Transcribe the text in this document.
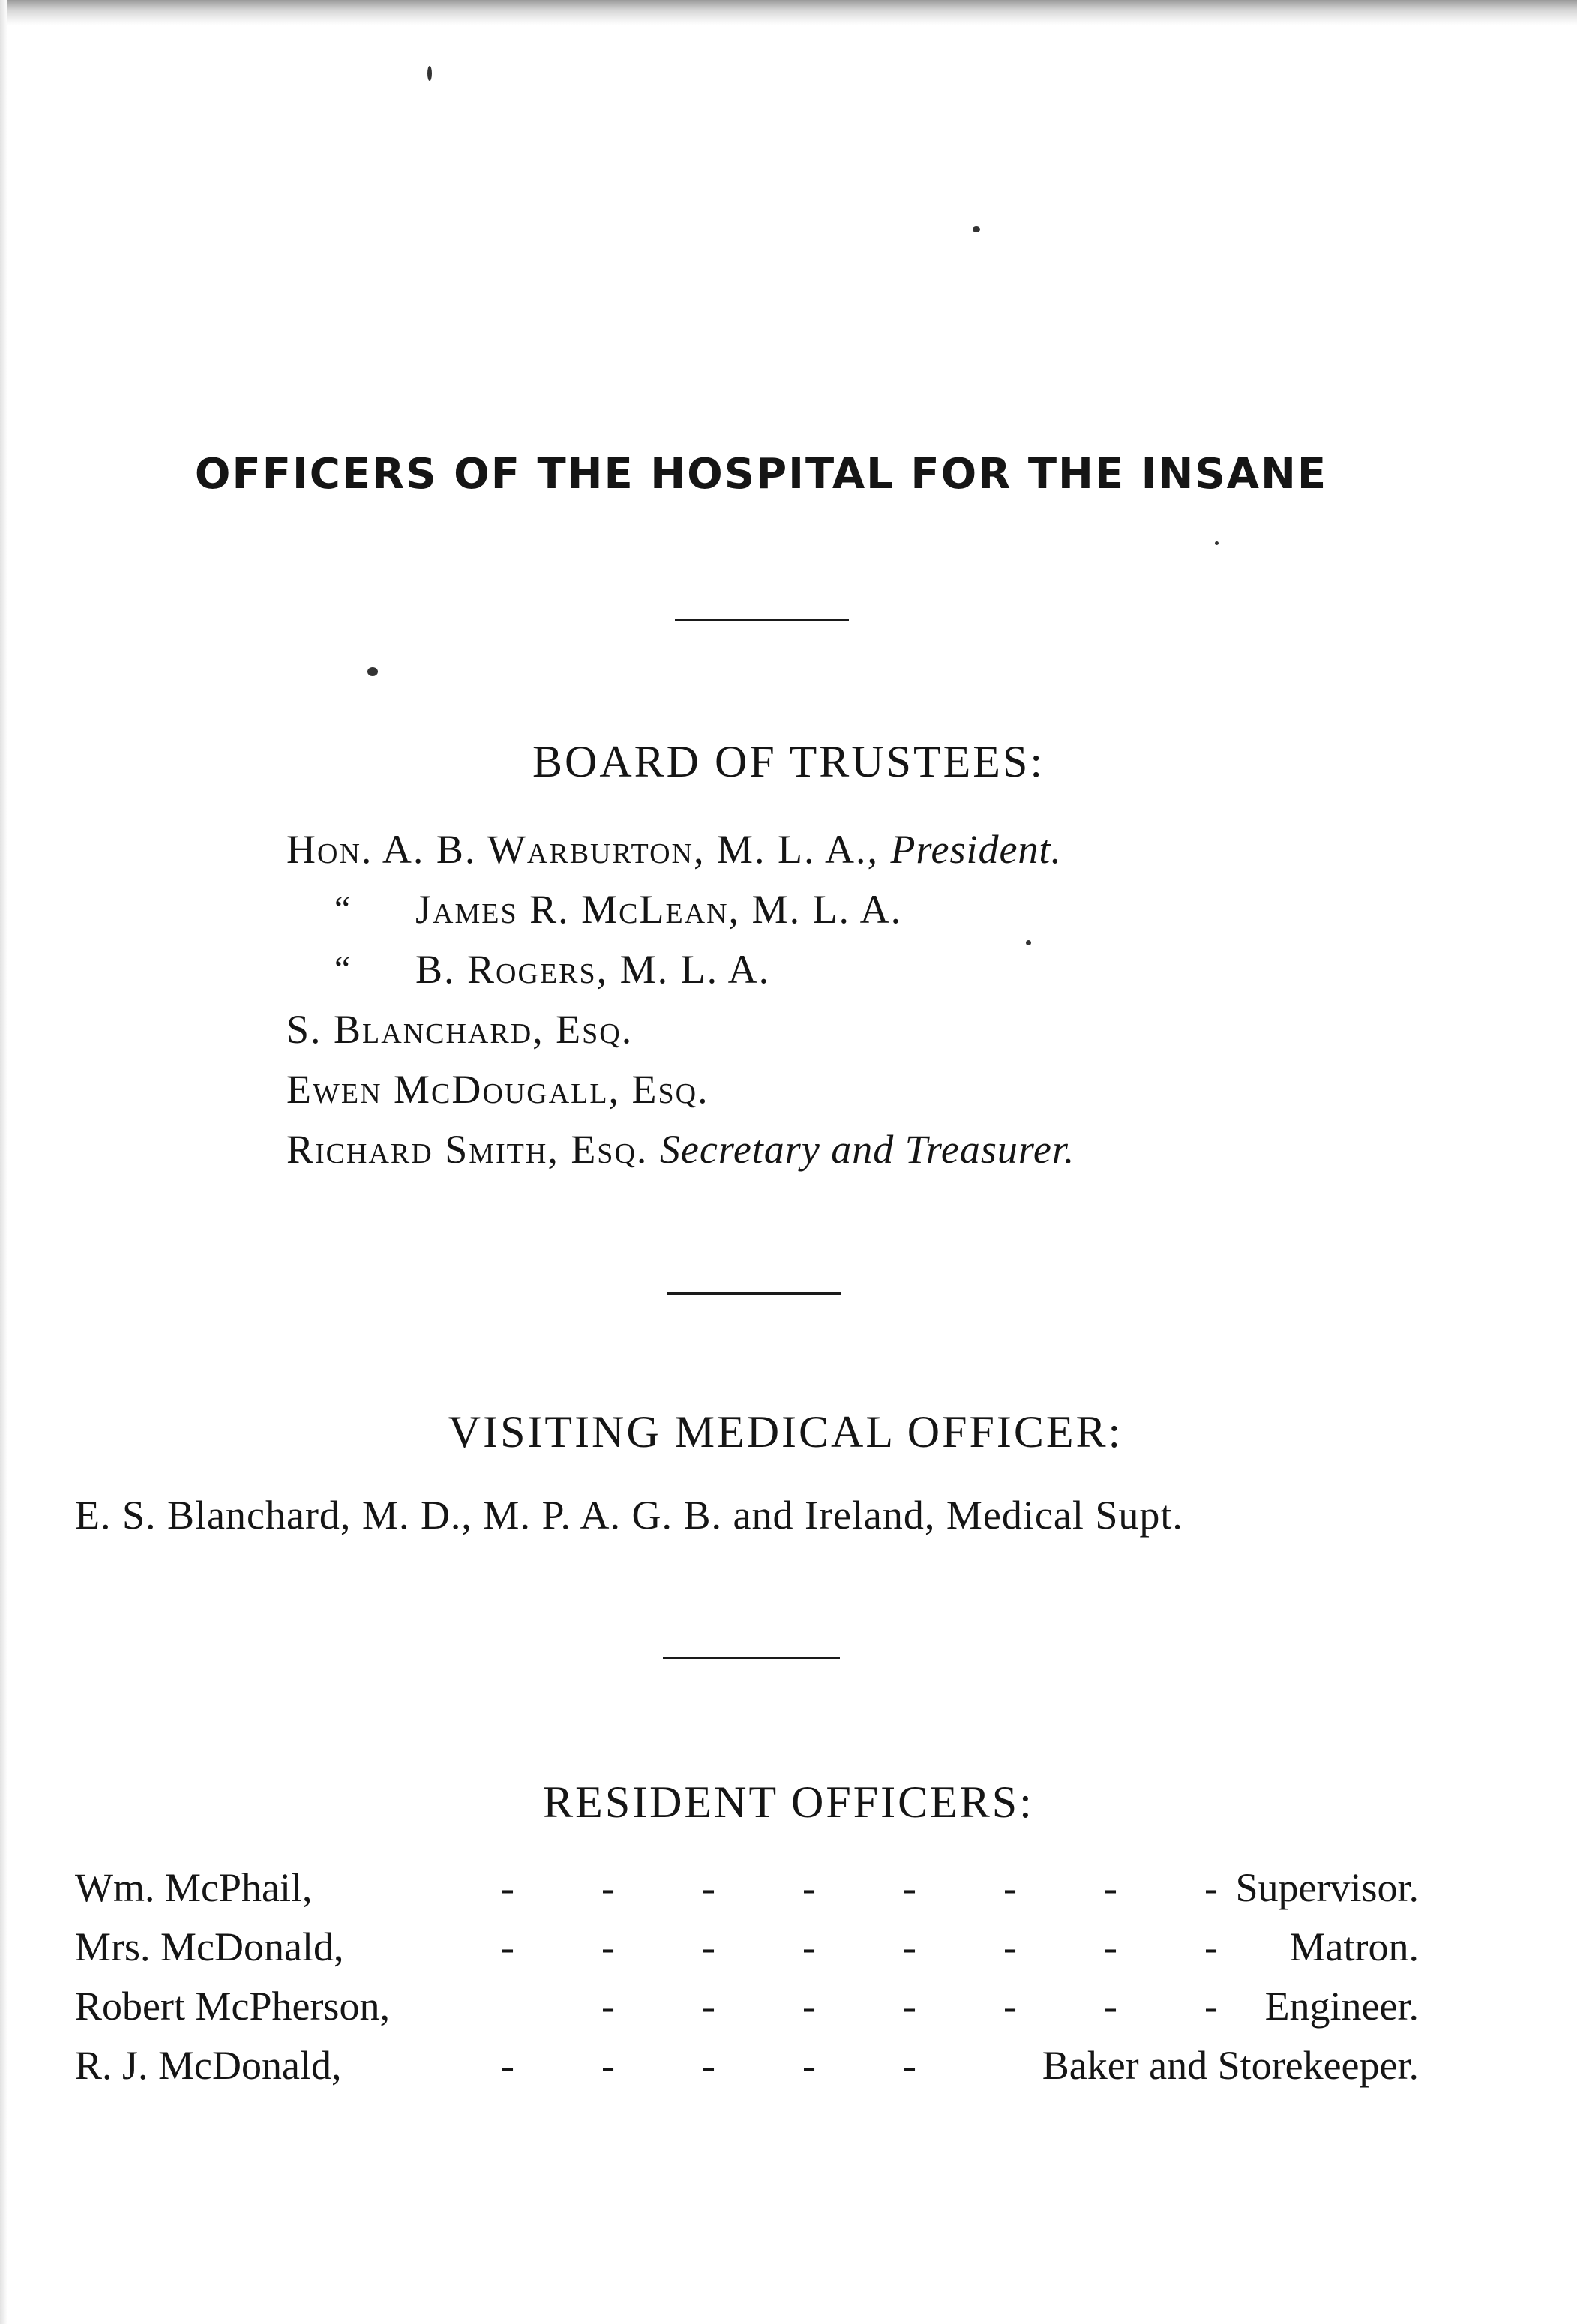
OFFICERS OF THE HOSPITAL FOR THE INSANE
BOARD OF TRUSTEES:
Hon. A. B. Warburton, M. L. A., President.
“ James R. McLean, M. L. A.
“ B. Rogers, M. L. A.
S. Blanchard, Esq.
Ewen McDougall, Esq.
Richard Smith, Esq. Secretary and Treasurer.
VISITING MEDICAL OFFICER:
E. S. Blanchard, M. D., M. P. A. G. B. and Ireland, Medical Supt.
RESIDENT OFFICERS:
Wm. McPhail,	- - - - - - - - Supervisor.
Mrs. McDonald,	- - - - - - - -	Matron.
Robert McPherson,	- - - - - - -	Engineer.
R. J. McDonald,	- - - - -	Baker and Storekeeper.
